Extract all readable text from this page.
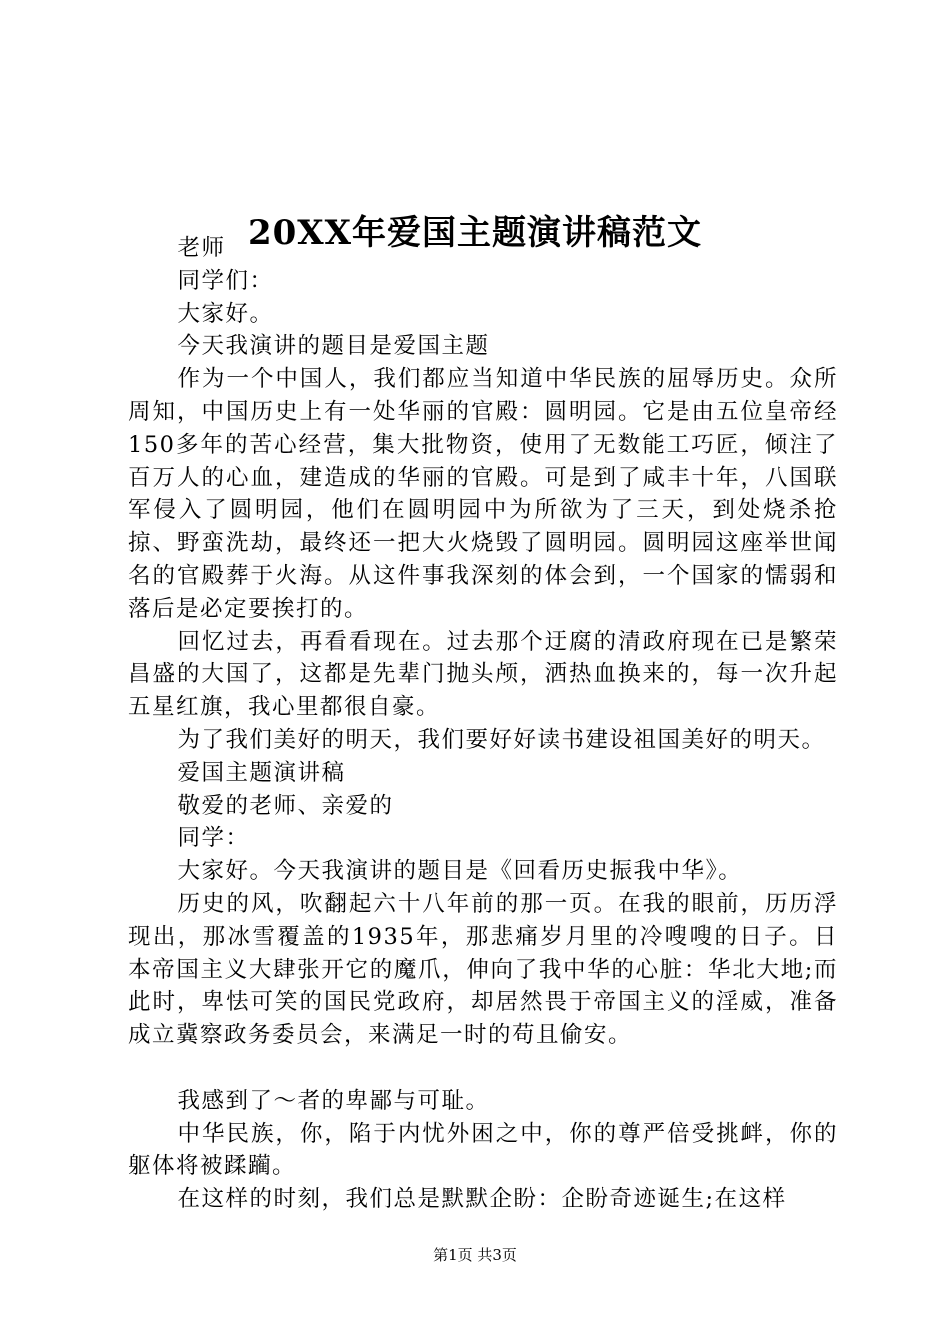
20XX年爱国主题演讲稿范文

老师

同学们：

大家好。

今天我演讲的题目是爱国主题

作为一个中国人，我们都应当知道中华民族的屈辱历史。众所周知，中国历史上有一处华丽的官殿：圆明园。它是由五位皇帝经150多年的苦心经营，集大批物资，使用了无数能工巧匠，倾注了百万人的心血，建造成的华丽的官殿。可是到了咸丰十年，八国联军侵入了圆明园，他们在圆明园中为所欲为了三天，到处烧杀抢掠、野蛮洗劫，最终还一把大火烧毁了圆明园。圆明园这座举世闻名的官殿葬于火海。从这件事我深刻的体会到，一个国家的懦弱和落后是必定要挨打的。

回忆过去，再看看现在。过去那个迂腐的清政府现在已是繁荣昌盛的大国了，这都是先辈门抛头颅，洒热血换来的，每一次升起五星红旗，我心里都很自豪。

为了我们美好的明天，我们要好好读书建设祖国美好的明天。

爱国主题演讲稿

敬爱的老师、亲爱的

同学：

大家好。今天我演讲的题目是《回看历史振我中华》。

历史的风，吹翻起六十八年前的那一页。在我的眼前，历历浮现出，那冰雪覆盖的1935年，那悲痛岁月里的冷嗖嗖的日子。日本帝国主义大肆张开它的魔爪，伸向了我中华的心脏：华北大地;而此时，卑怯可笑的国民党政府，却居然畏于帝国主义的淫威，准备成立冀察政务委员会，来满足一时的苟且偷安。

我感到了～者的卑鄙与可耻。

中华民族，你，陷于内忧外困之中，你的尊严倍受挑衅，你的躯体将被蹂躏。

在这样的时刻，我们总是默默企盼：企盼奇迹诞生;在这样

第1页 共3页
